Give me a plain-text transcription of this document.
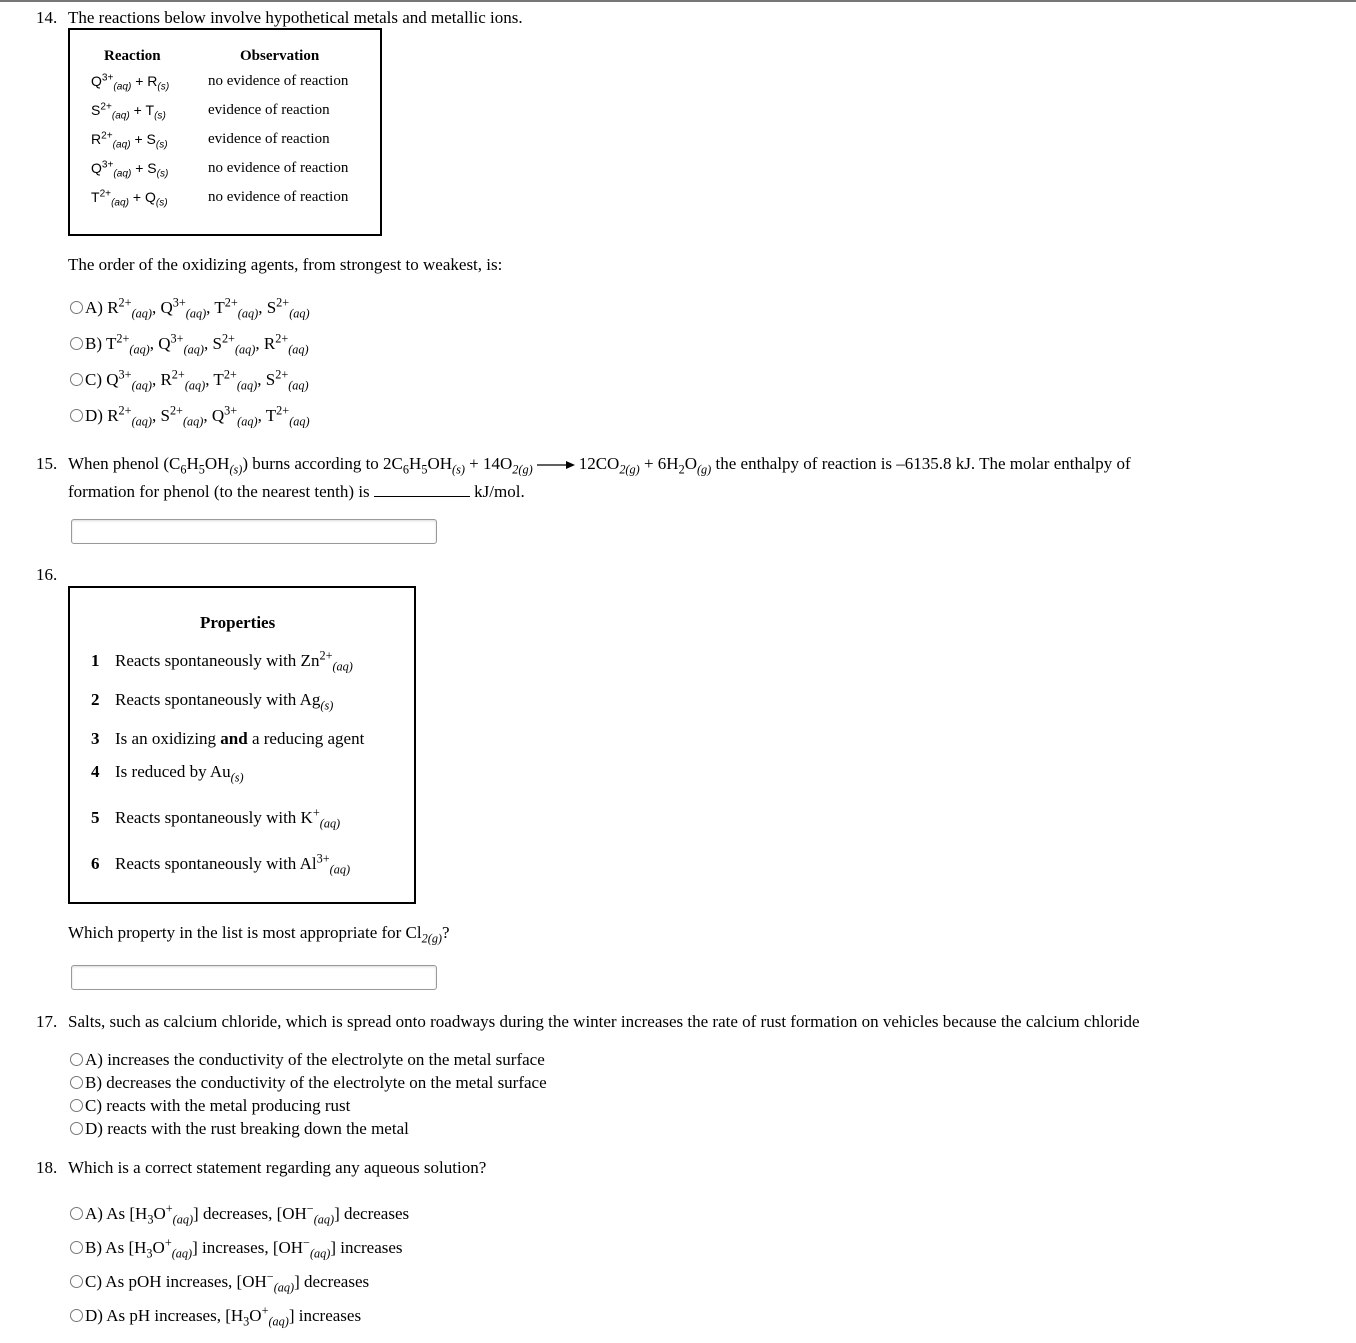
14. The reactions below involve hypothetical metals and metallic ions.
Reaction	Observation
$Q^{3+}_{(aq)} + R_{(s)}$	no evidence of reaction
$S^{2+}_{(aq)} + T_{(s)}$	evidence of reaction
$R^{2+}_{(aq)} + S_{(s)}$	evidence of reaction
$Q^{3+}_{(aq)} + S_{(s)}$	no evidence of reaction
$T^{2+}_{(aq)} + Q_{(s)}$	no evidence of reaction
The order of the oxidizing agents, from strongest to weakest, is:
A) $R^{2+}_{(aq)}$, $Q^{3+}_{(aq)}$, $T^{2+}_{(aq)}$, $S^{2+}_{(aq)}$
B) $T^{2+}_{(aq)}$, $Q^{3+}_{(aq)}$, $S^{2+}_{(aq)}$, $R^{2+}_{(aq)}$
C) $Q^{3+}_{(aq)}$, $R^{2+}_{(aq)}$, $T^{2+}_{(aq)}$, $S^{2+}_{(aq)}$
D) $R^{2+}_{(aq)}$, $S^{2+}_{(aq)}$, $Q^{3+}_{(aq)}$, $T^{2+}_{(aq)}$
15. When phenol $(C_6H_5OH_{(s)})$ burns according to $2C_6H_5OH_{(s)} + 14O_{2(g)} \to 12CO_{2(g)} + 6H_2O_{(g)}$ the enthalpy of reaction is –6135.8 kJ. The molar enthalpy of
formation for phenol (to the nearest tenth) is	kJ/mol.
16.
Properties
1 Reacts spontaneously with $Zn^{2+}_{(aq)}$
2 Reacts spontaneously with $Ag_{(s)}$
3 Is an oxidizing and a reducing agent
4 Is reduced by $Au_{(s)}$
5 Reacts spontaneously with $K^+_{(aq)}$
6 Reacts spontaneously with $Al^{3+}_{(aq)}$
Which property in the list is most appropriate for $Cl_{2(g)}$?
17. Salts, such as calcium chloride, which is spread onto roadways during the winter increases the rate of rust formation on vehicles because the calcium chloride
A) increases the conductivity of the electrolyte on the metal surface
B) decreases the conductivity of the electrolyte on the metal surface
C) reacts with the metal producing rust
D) reacts with the rust breaking down the metal
18. Which is a correct statement regarding any aqueous solution?
A) As $[H_3O^+_{(aq)}]$ decreases, $[OH^-_{(aq)}]$ decreases
B) As $[H_3O^+_{(aq)}]$ increases, $[OH^-_{(aq)}]$ increases
C) As pOH increases, $[OH^-_{(aq)}]$ decreases
D) As pH increases, $[H_3O^+_{(aq)}]$ increases
